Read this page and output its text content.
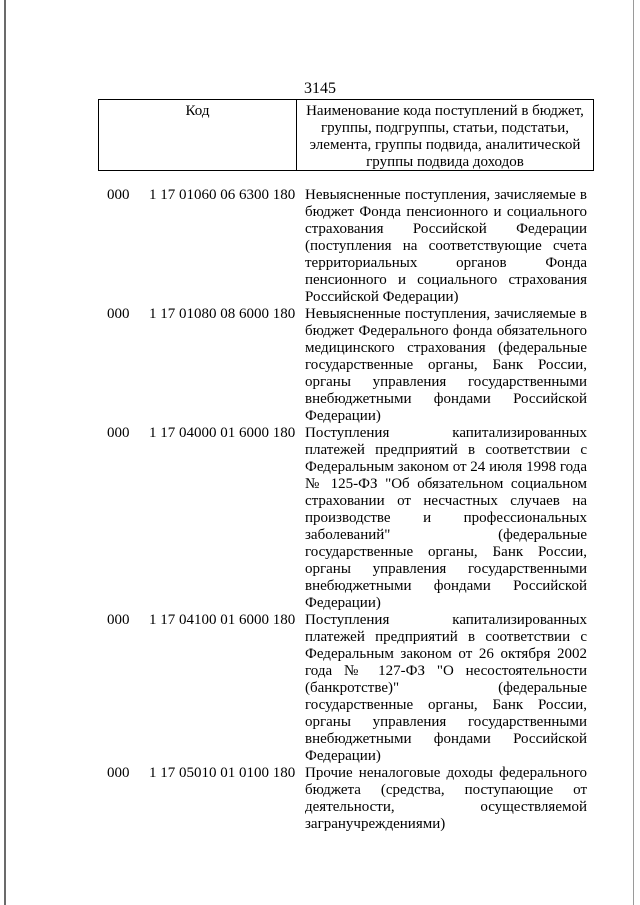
3145
Код	Наименование кода поступлений в бюджет, группы, подгруппы, статьи, подстатьи, элемента, группы подвида, аналитической группы подвида доходов
000 1 17 01060 06 6300 180 Невыясненные поступления, зачисляемые в бюджет Фонда пенсионного и социального страхования Российской Федерации (поступления на соответствующие счета территориальных органов Фонда пенсионного и социального страхования Российской Федерации)
000 1 17 01080 08 6000 180 Невыясненные поступления, зачисляемые в бюджет Федерального фонда обязательного медицинского страхования (федеральные государственные органы, Банк России, органы управления государственными внебюджетными фондами Российской Федерации)
000 1 17 04000 01 6000 180 Поступления капитализированных платежей предприятий в соответствии с Федеральным законом от 24 июля 1998 года № 125-ФЗ "Об обязательном социальном страховании от несчастных случаев на производстве и профессиональных заболеваний" (федеральные государственные органы, Банк России, органы управления государственными внебюджетными фондами Российской Федерации)
000 1 17 04100 01 6000 180 Поступления капитализированных платежей предприятий в соответствии с Федеральным законом от 26 октября 2002 года № 127-ФЗ "О несостоятельности (банкротстве)" (федеральные государственные органы, Банк России, органы управления государственными внебюджетными фондами Российской Федерации)
000 1 17 05010 01 0100 180 Прочие неналоговые доходы федерального бюджета (средства, поступающие от деятельности, осуществляемой загранучреждениями)
